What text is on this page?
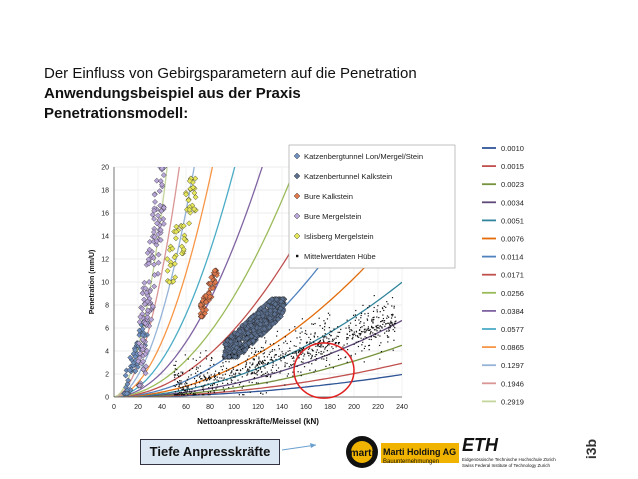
Der Einfluss von Gebirgsparametern auf die Penetration
Anwendungsbeispiel aus der Praxis
Penetrationsmodell:
0	20 40 60 80 100 120 140 160 180 200 220 240
0
2
4
6
8
10
12
14
16
18
20
Nettoanpresskräfte/Meissel (kN)
Penetration (mm/U)
Katzenbergtunnel Lon/Mergel/Stein
Katzenbertunnel Kalkstein
Bure Kalkstein
Bure Mergelstein
Islisberg Mergelstein
Mittelwertdaten Hübe
0.0010
0.0015
0.0023
0.0034
0.0051
0.0076
0.0114
0.0171
0.0256
0.0384
0.0577
0.0865
0.1297
0.1946
0.2919
Tiefe Anpresskräfte	marti Marti Holding AG
Bauunternehmungen
ETH
Eidgenössische Technische Hochschule Zürich
Swiss Federal Institute of Technology Zurich
i3b
